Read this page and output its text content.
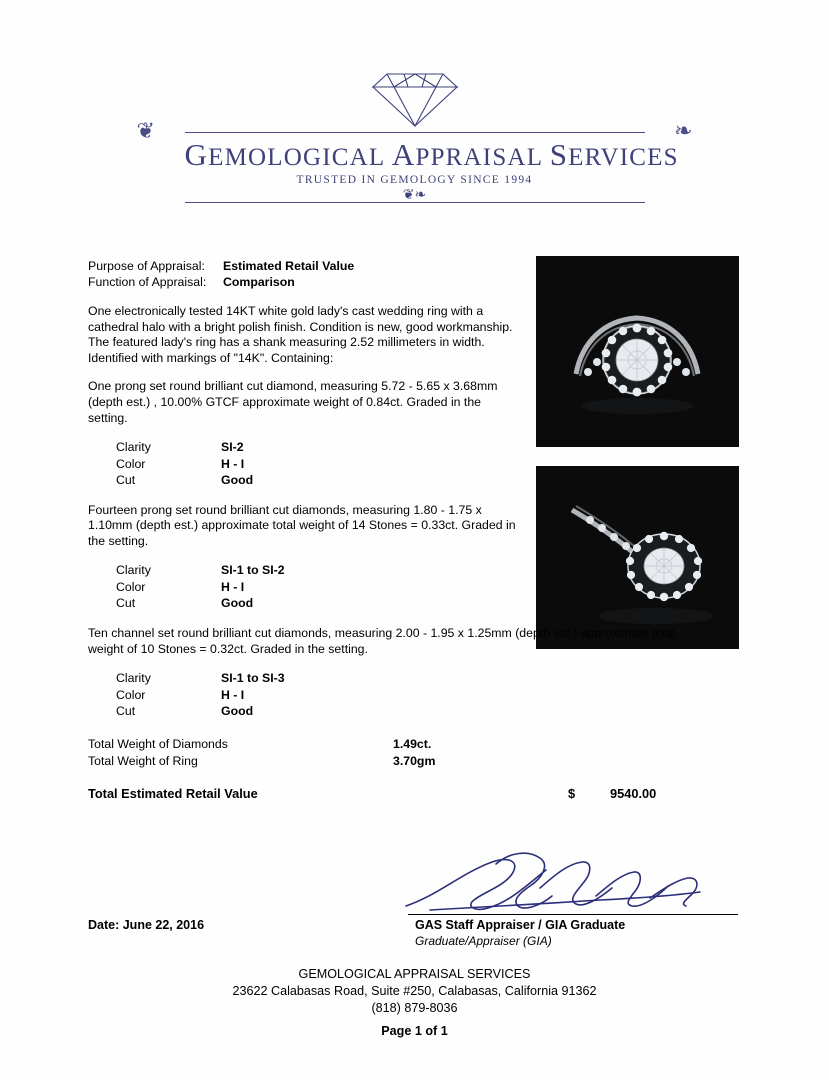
❦	❧
GEMOLOGICAL APPRAISAL SERVICES
TRUSTED IN GEMOLOGY SINCE 1994
❦❧
Purpose of Appraisal:	Estimated Retail Value
Function of Appraisal:	Comparison
One electronically tested 14KT white gold lady's cast wedding ring with a cathedral halo with a bright polish finish. Condition is new, good workmanship. The featured lady's ring has a shank measuring 2.52 millimeters in width. Identified with markings of "14K". Containing:
One prong set round brilliant cut diamond, measuring 5.72 - 5.65 x 3.68mm (depth est.) , 10.00% GTCF approximate weight of 0.84ct. Graded in the setting.
Clarity	SI-2
Color	H - I
Cut	Good
Fourteen prong set round brilliant cut diamonds, measuring 1.80 - 1.75 x 1.10mm (depth est.) approximate total weight of 14 Stones = 0.33ct. Graded in the setting.
Clarity	SI-1 to SI-2
Color	H - I
Cut	Good
Ten channel set round brilliant cut diamonds, measuring 2.00 - 1.95 x 1.25mm (depth est.) approximate total weight of 10 Stones = 0.32ct. Graded in the setting.
Clarity	SI-1 to SI-3
Color	H - I
Cut	Good
Total Weight of Diamonds	1.49ct.
Total Weight of Ring	3.70gm
Total Estimated Retail Value	$	9540.00
Date: June 22, 2016	GAS Staff Appraiser / GIA Graduate
Graduate/Appraiser (GIA)
GEMOLOGICAL APPRAISAL SERVICES
23622 Calabasas Road, Suite #250, Calabasas, California 91362
(818) 879-8036
Page 1 of 1
